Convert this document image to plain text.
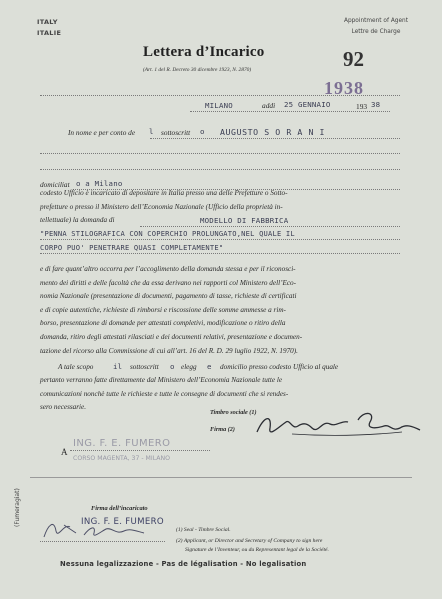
ITALY
ITALIE
Appointment of Agent
Lettre de Charge
Lettera d’Incarico
(Art. 1 del R. Decreto 30 dicembre 1923, N. 2870)	92
1938
MILANO	addì 25 GENNAIO	193 38
In nome e per conto de l sottoscritt o AUGUSTO S O R A N I
domiciliat o a Milano
codesto Ufficio è incaricato di depositare in Italia presso una delle Prefetture o Sotto-
prefetture o presso il Ministero dell’Economia Nazionale (Ufficio della proprietà in-
tellettuale) la domanda di	MODELLO DI FABBRICA
"PENNA STILOGRAFICA CON COPERCHIO PROLUNGATO,NEL QUALE IL
CORPO PUO' PENETRARE QUASI COMPLETAMENTE"
e di fare quant’altro occorra per l’accoglimento della domanda stessa e per il riconosci-
mento dei diritti e delle facoltà che da essa derivano nei rapporti col Ministero dell’Eco-
nomia Nazionale (presentazione di documenti, pagamento di tasse, richieste di certificati
e di copie autentiche, richieste di rimborsi e riscossione delle somme ammesse a rim-
borso, presentazione di domande per attestati completivi, modificazione o ritiro della
domanda, ritiro degli attestati rilasciati e dei documenti relativi, presentazione e documen-
tazione del ricorso alla Commissione di cui all’art. 16 del R. D. 29 luglio 1922, N. 1970).
A tale scopo	il sottoscritt o elegg e domicilio presso codesto Ufficio al quale
pertanto verranno fatte direttamente dal Ministero dell’Economia Nazionale tutte le
comunicazioni nonchè tutte le richieste e tutte le consegne di documenti che si rendes-
sero necessarie.
Timbro sociale (1)
Firma (2)
A
ING. F. E. FUMERO
CORSO MAGENTA, 37 - MILANO
(Fumeragiat)	Firma dell’incaricato
ING. F. E. FUMERO
(1) Seal - Timbre Social.
(2) Applicant, or Director and Secretary of Company to sign here
Signature de l’Inventeur, ou du Representant legal de la Société.
Nessuna legalizzazione - Pas de légalisation - No legalisation
